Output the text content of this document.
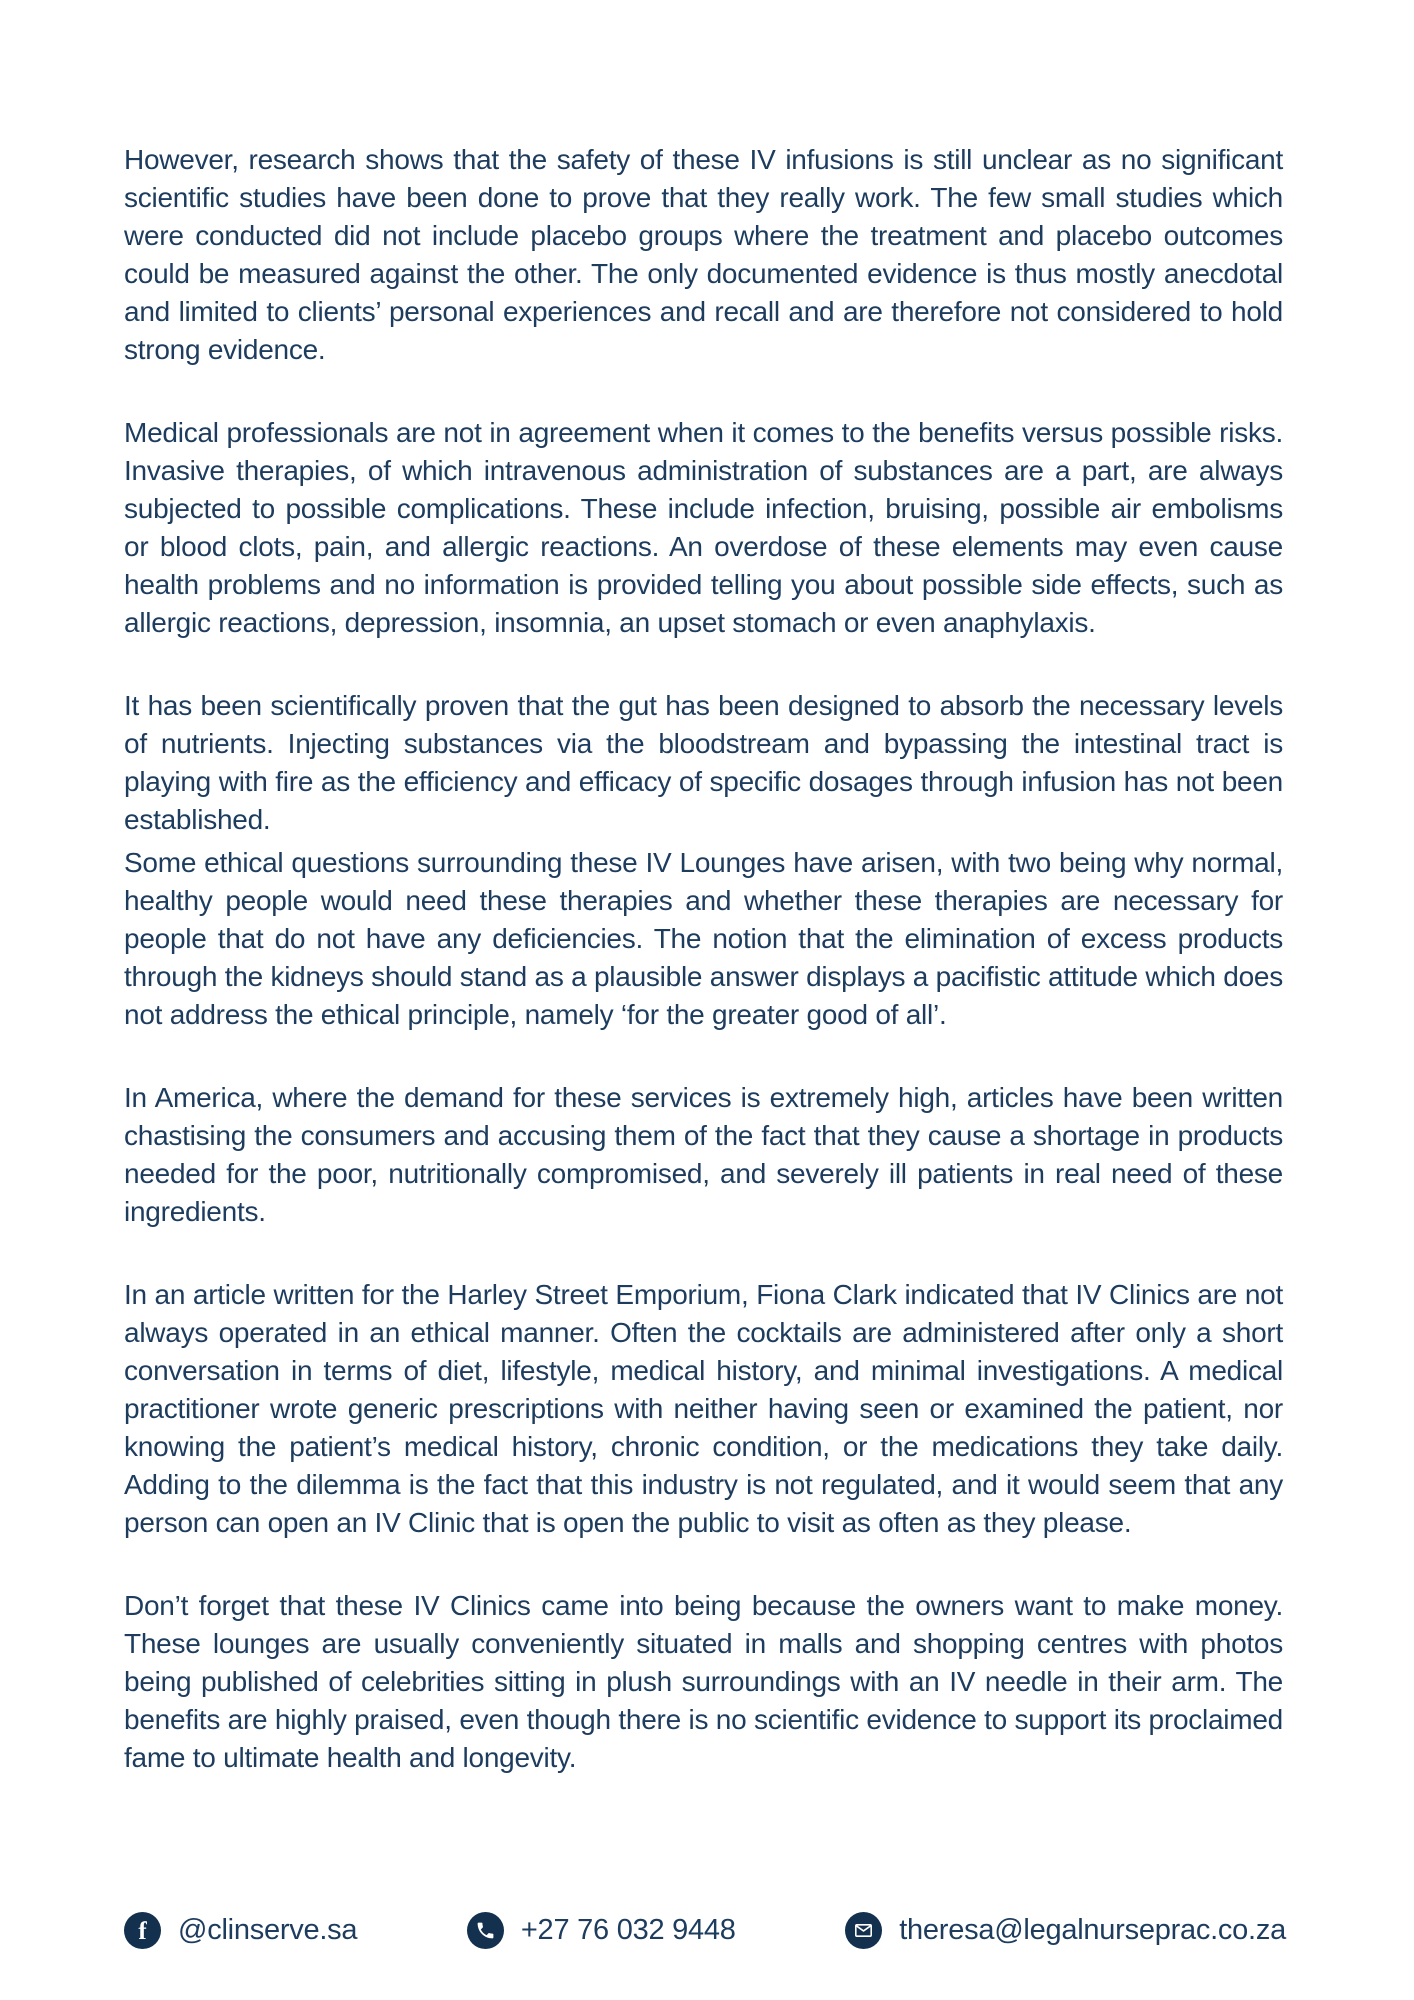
However, research shows that the safety of these IV infusions is still unclear as no significant scientific studies have been done to prove that they really work. The few small studies which were conducted did not include placebo groups where the treatment and placebo outcomes could be measured against the other. The only documented evidence is thus mostly anecdotal and limited to clients’ personal experiences and recall and are therefore not considered to hold strong evidence.

Medical professionals are not in agreement when it comes to the benefits versus possible risks. Invasive therapies, of which intravenous administration of substances are a part, are always subjected to possible complications. These include infection, bruising, possible air embolisms or blood clots, pain, and allergic reactions. An overdose of these elements may even cause health problems and no information is provided telling you about possible side effects, such as allergic reactions, depression, insomnia, an upset stomach or even anaphylaxis.

It has been scientifically proven that the gut has been designed to absorb the necessary levels of nutrients. Injecting substances via the bloodstream and bypassing the intestinal tract is playing with fire as the efficiency and efficacy of specific dosages through infusion has not been established.

Some ethical questions surrounding these IV Lounges have arisen, with two being why normal, healthy people would need these therapies and whether these therapies are necessary for people that do not have any deficiencies. The notion that the elimination of excess products through the kidneys should stand as a plausible answer displays a pacifistic attitude which does not address the ethical principle, namely ‘for the greater good of all’.

In America, where the demand for these services is extremely high, articles have been written chastising the consumers and accusing them of the fact that they cause a shortage in products needed for the poor, nutritionally compromised, and severely ill patients in real need of these ingredients.

In an article written for the Harley Street Emporium, Fiona Clark indicated that IV Clinics are not always operated in an ethical manner. Often the cocktails are administered after only a short conversation in terms of diet, lifestyle, medical history, and minimal investigations. A medical practitioner wrote generic prescriptions with neither having seen or examined the patient, nor knowing the patient’s medical history, chronic condition, or the medications they take daily. Adding to the dilemma is the fact that this industry is not regulated, and it would seem that any person can open an IV Clinic that is open the public to visit as often as they please.

Don’t forget that these IV Clinics came into being because the owners want to make money. These lounges are usually conveniently situated in malls and shopping centres with photos being published of celebrities sitting in plush surroundings with an IV needle in their arm. The benefits are highly praised, even though there is no scientific evidence to support its proclaimed fame to ultimate health and longevity.

f @clinserve.sa	+27 76 032 9448	theresa@legalnurseprac.co.za
